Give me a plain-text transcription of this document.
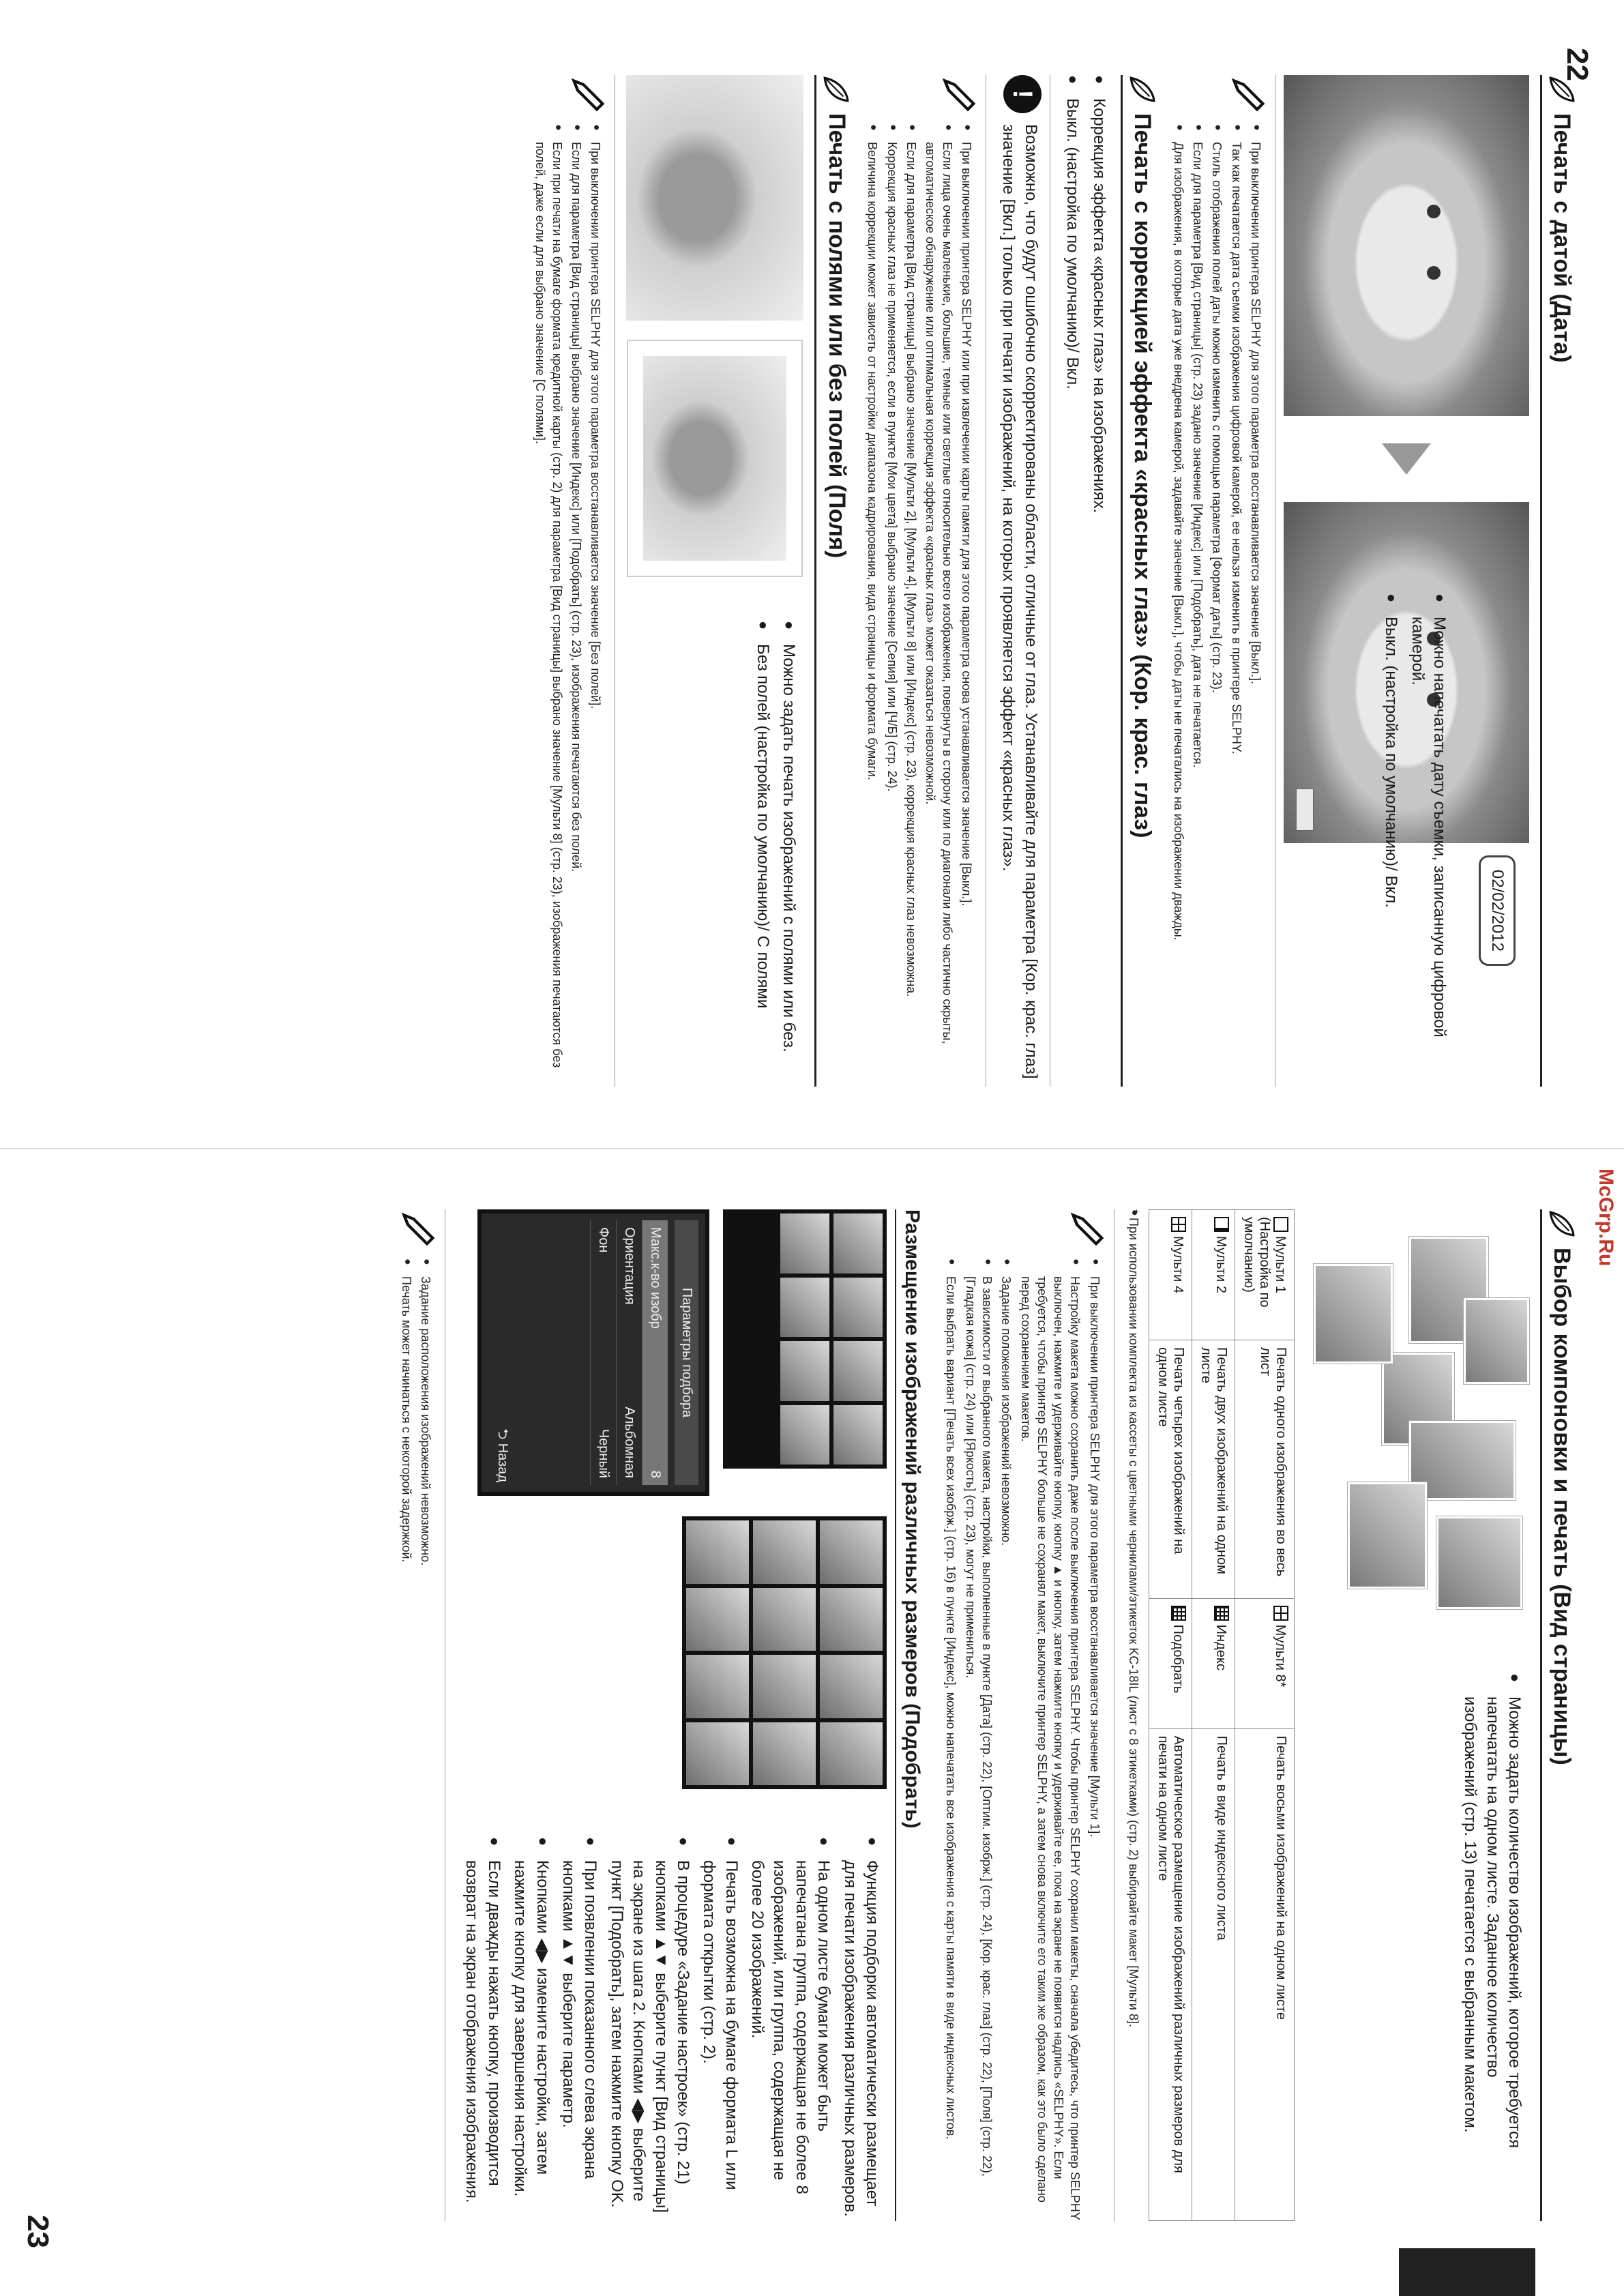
22
Печать с датой (Дата)
02/02/2012

● Можно напечатать дату съемки, записанную цифровой камерой.

● Выкл. (настройка по умолчанию)/ Вкл.

● При выключении принтера SELPHY для этого параметра восстанавливается значение [Выкл.].

● Так как печатается дата съемки изображения цифровой камерой, ее нельзя изменить в принтере SELPHY.

● Стиль отображения полей даты можно изменить с помощью параметра [Формат даты] (стр. 23).

● Если для параметра [Вид страницы] (стр. 23) задано значение [Индекс] или [Подобрать], дата не печатается.

● Для изображения, в которые дата уже внедрена камерой, задавайте значение [Выкл.], чтобы даты не печатались на изображении дважды.

Печать с коррекцией эффекта «красных глаз» (Кор. крас. глаз)

● Коррекция эффекта «красных глаз» на изображениях.

● Выкл. (настройка по умолчанию)/ Вкл.

!

Возможно, что будут ошибочно скорректированы области, отличные от глаз. Устанавливайте для параметра [Кор. крас. глаз] значение [Вкл.] только при печати изображений, на которых проявляется эффект «красных глаз».

● При выключении принтера SELPHY или при извлечении карты памяти для этого параметра снова устанавливается значение [Выкл.].

● Если лица очень маленькие, большие, темные или светлые относительно всего изображения, повернуты в сторону или по диагонали либо частично скрыты, автоматическое обнаружение или оптимальная коррекция эффекта «красных глаз» может оказаться невозможной.

● Если для параметра [Вид страницы] выбрано значение [Мульти 2], [Мульти 4], [Мульти 8] или [Индекс] (стр. 23), коррекция красных глаз невозможна.

● Коррекция красных глаз не применяется, если в пункте [Мои цвета] выбрано значение [Сепия] или [Ч/Б] (стр. 24).

● Величина коррекции может зависеть от настройки диапазона кадрирования, вида страницы и формата бумаги.

Печать с полями или без полей (Поля)

● Можно задать печать изображений с полями или без.

● Без полей (настройка по умолчанию)/ С полями

● При выключении принтера SELPHY для этого параметра восстанавливается значение [Без полей].

● Если для параметра [Вид страницы] выбрано значение [Индекс] или [Подобрать] (стр. 23), изображения печатаются без полей.

● Если при печати на бумаге формата кредитной карты (стр. 2) для параметра [Вид страницы] выбрано значение [Мульти 8] (стр. 23), изображения печатаются без полей, даже если для выбрано значение [С полями].

23
Выбор компоновки и печать (Вид страницы)

● Можно задать количество изображений, которое требуется напечатать на одном листе. Заданное количество изображений (стр. 13) печатается с выбранным макетом.

Мульти 1 (Настройка по умолчанию)	Печать одного изображения во весь лист	Мульти 8*	Печать восьми изображений на одном листе
Мульти 2	Печать двух изображений на одном листе	Индекс	Печать в виде индексного листа
Мульти 4	Печать четырех изображений на одном листе	Подобрать	Автоматическое размещение изображений различных размеров для печати на одном листе

● * При использовании комплекта из кассеты с цветными чернилами/этикеток KC-18IL (лист с 8 этикетками) (стр. 2) выбирайте макет [Мульти 8].

● При выключении принтера SELPHY для этого параметра восстанавливается значение [Мульти 1].

● Настройку макета можно сохранить даже после выключения принтера SELPHY. Чтобы принтер SELPHY сохранил макеты, сначала убедитесь, что принтер SELPHY выключен, нажмите и удерживайте кнопку, кнопку ▲ и кнопку, затем нажмите кнопку и удерживайте ее, пока на экране не появится надпись «SELPHY». Если требуется, чтобы принтер SELPHY больше не сохранял макет, выключите принтер SELPHY, а затем снова включите его таким же образом, как это было сделано перед сохранением макетов.

● Задание положения изображений невозможно.

● В зависимости от выбранного макета, настройки, выполненные в пункте [Дата] (стр. 22), [Оптим. изобрж.] (стр. 24), [Кор. крас. глаз] (стр. 22), [Поля] (стр. 22), [Гладкая кожа] (стр. 24) или [Яркость] (стр. 23), могут не примениться.

● Если выбрать вариант [Печать всех изобрж.] (стр. 16) в пункте [Индекс], можно напечатать все изображения с карты памяти в виде индексных листов.

Размещение изображений различных размеров (Подобрать)
Параметры подбора
Макс.к-во изобр
8
Ориентация
Альбомная
Фон
Черный
⮌ Назад

● Функция подборки автоматически размещает для печати изображения различных размеров.

● На одном листе бумаги может быть напечатана группа, содержащая не более 8 изображений, или группа, содержащая не более 20 изображений.

● Печать возможна на бумаге формата L или формата открытки (стр. 2).

● В процедуре «Задание настроек» (стр. 21) кнопками ▲▼ выберите пункт [Вид страницы] на экране из шага 2. Кнопками ◀▶ выберите пункт [Подобрать], затем нажмите кнопку OK.

● При появлении показанного слева экрана кнопками ▲▼ выберите параметр.

● Кнопками ◀▶ измените настройки, затем нажмите кнопку для завершения настройки.

● Если дважды нажать кнопку, производится возврат на экран отображения изображения.

● Задание расположения изображений невозможно.

● Печать может начинаться с некоторой задержкой.

McGrp.Ru
